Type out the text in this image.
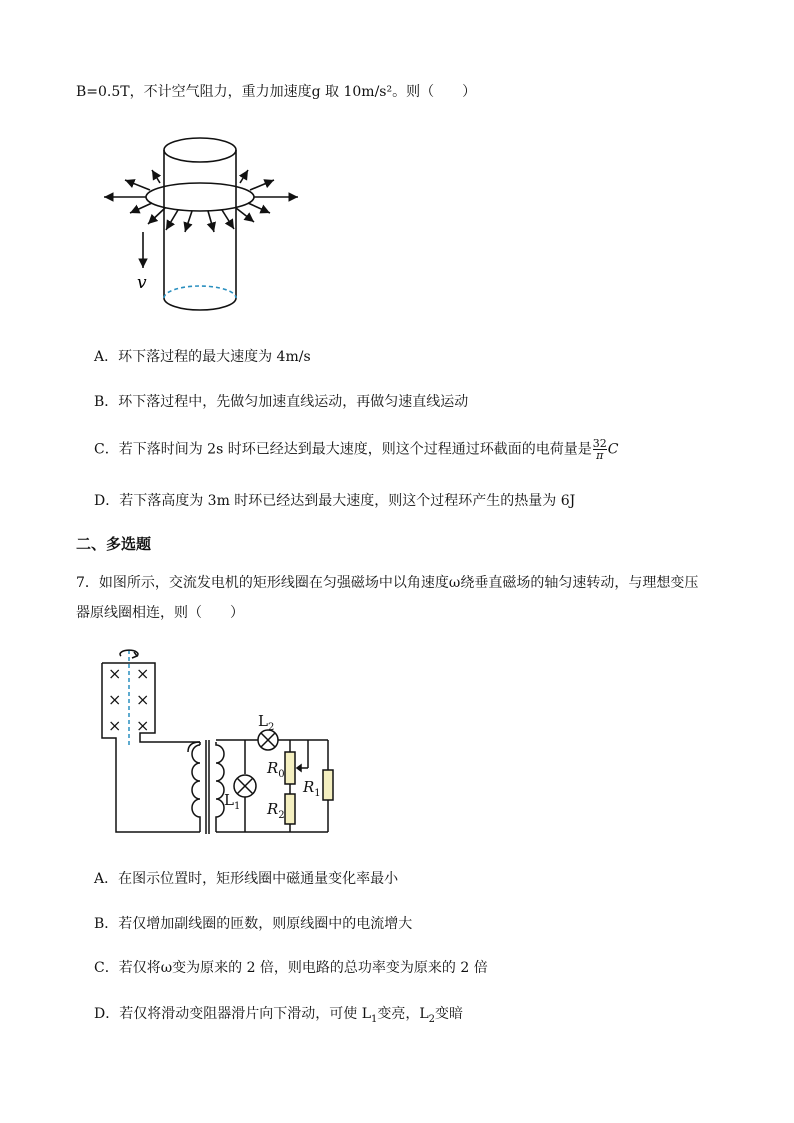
B=0.5T，不计空气阻力，重力加速度g 取 10m/s²。则（　　）
v
A．环下落过程的最大速度为 4m/s
B．环下落过程中，先做匀加速直线运动，再做匀速直线运动
C．若下落时间为 2s 时环已经达到最大速度，则这个过程通过环截面的电荷量是 $\frac{32}{\pi}$ C
D．若下落高度为 3m 时环已经达到最大速度，则这个过程环产生的热量为 6J
二、多选题
7．如图所示，交流发电机的矩形线圈在匀强磁场中以角速度ω绕垂直磁场的轴匀速转动，与理想变压
器原线圈相连，则（　　）
× ×
× ×
× ×	$L_2$
$L_1$
$R_0$
$R_1$
$R_2$
A．在图示位置时，矩形线圈中磁通量变化率最小
B．若仅增加副线圈的匝数，则原线圈中的电流增大
C．若仅将ω变为原来的 2 倍，则电路的总功率变为原来的 2 倍
D．若仅将滑动变阻器滑片向下滑动，可使 $L_1$变亮，$L_2$变暗
